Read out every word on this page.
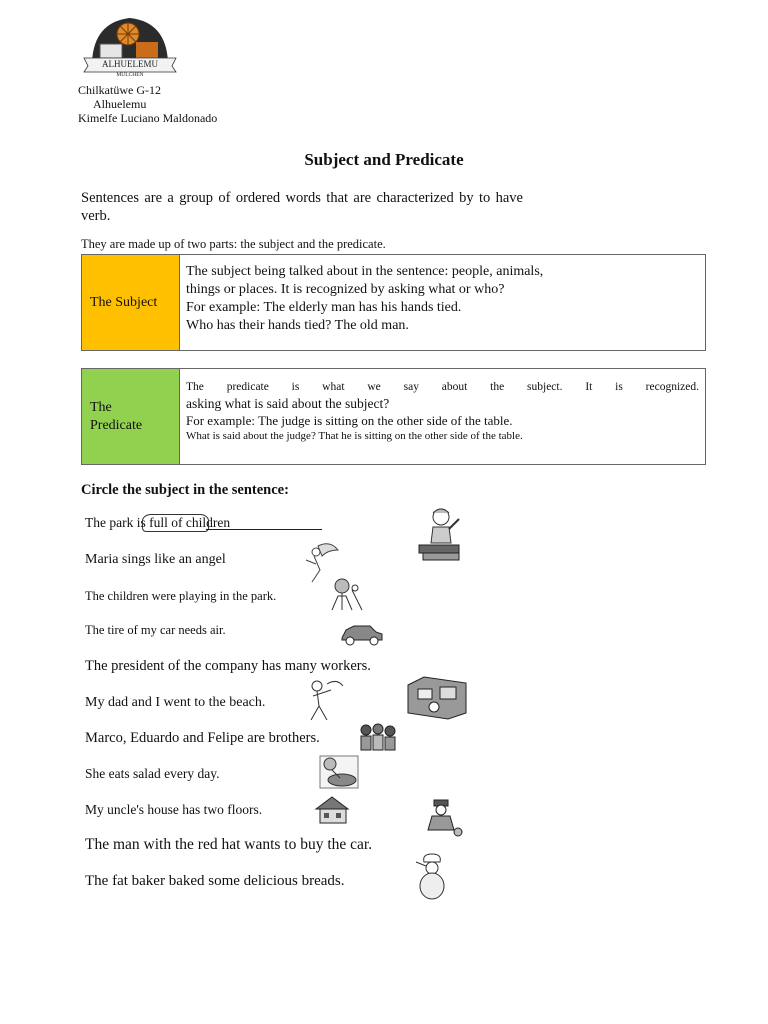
ALHUELEMU
MULCHEN
Chilkatüwe G-12
Alhuelemu
Kimelfe Luciano Maldonado
Subject and Predicate
Sentences are a group of ordered words that are characterized by to have verb.
They are made up of two parts: the subject and the predicate.
The Subject
The subject being talked about in the sentence: people, animals,
things or places. It is recognized by asking what or who?
For example: The elderly man has his hands tied.
Who has their hands tied? The old man.
The
Predicate
The predicate is what we say about the subject. It is recognized.
asking what is said about the subject?
For example: The judge is sitting on the other side of the table.
What is said about the judge? That he is sitting on the other side of the table.
Circle the subject in the sentence:
The park is full of children
Maria sings like an angel
The children were playing in the park.
The tire of my car needs air.
The president of the company has many workers.
My dad and I went to the beach.
Marco, Eduardo and Felipe are brothers.
She eats salad every day.
My uncle's house has two floors.
The man with the red hat wants to buy the car.
The fat baker baked some delicious breads.
